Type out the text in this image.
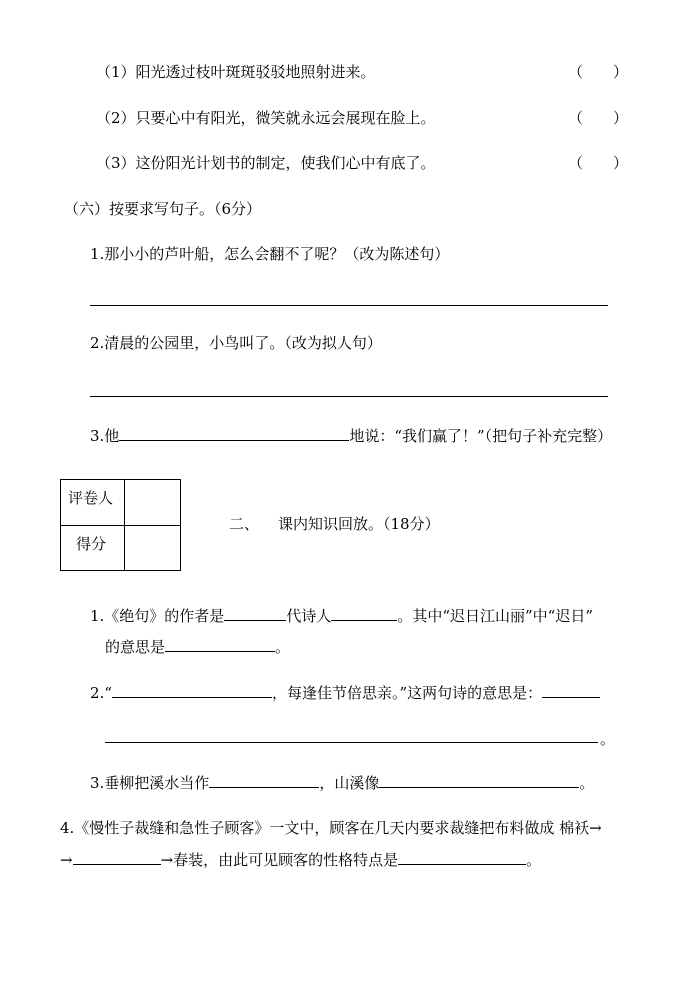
（1）阳光透过枝叶斑斑驳驳地照射进来。	（　　）
（2）只要心中有阳光，微笑就永远会展现在脸上。	（　　）
（3）这份阳光计划书的制定，使我们心中有底了。	（　　）
（六）按要求写句子。（6分）
1.那小小的芦叶船，怎么会翻不了呢？（改为陈述句）
2.清晨的公园里，小鸟叫了。（改为拟人句）
3.他	地说：“我们赢了！”（把句子补充完整）
评卷人
得分
二、 课内知识回放。（18分）
1.《绝句》的作者是	代诗人	。其中“迟日江山丽”中“迟日”
的意思是	。
2.“	，每逢佳节倍思亲。”这两句诗的意思是：
。
3.垂柳把溪水当作	，山溪像	。
4.《慢性子裁缝和急性子顾客》一文中，顾客在几天内要求裁缝把布料做成 棉袄→
→	→春装，由此可见顾客的性格特点是	。
